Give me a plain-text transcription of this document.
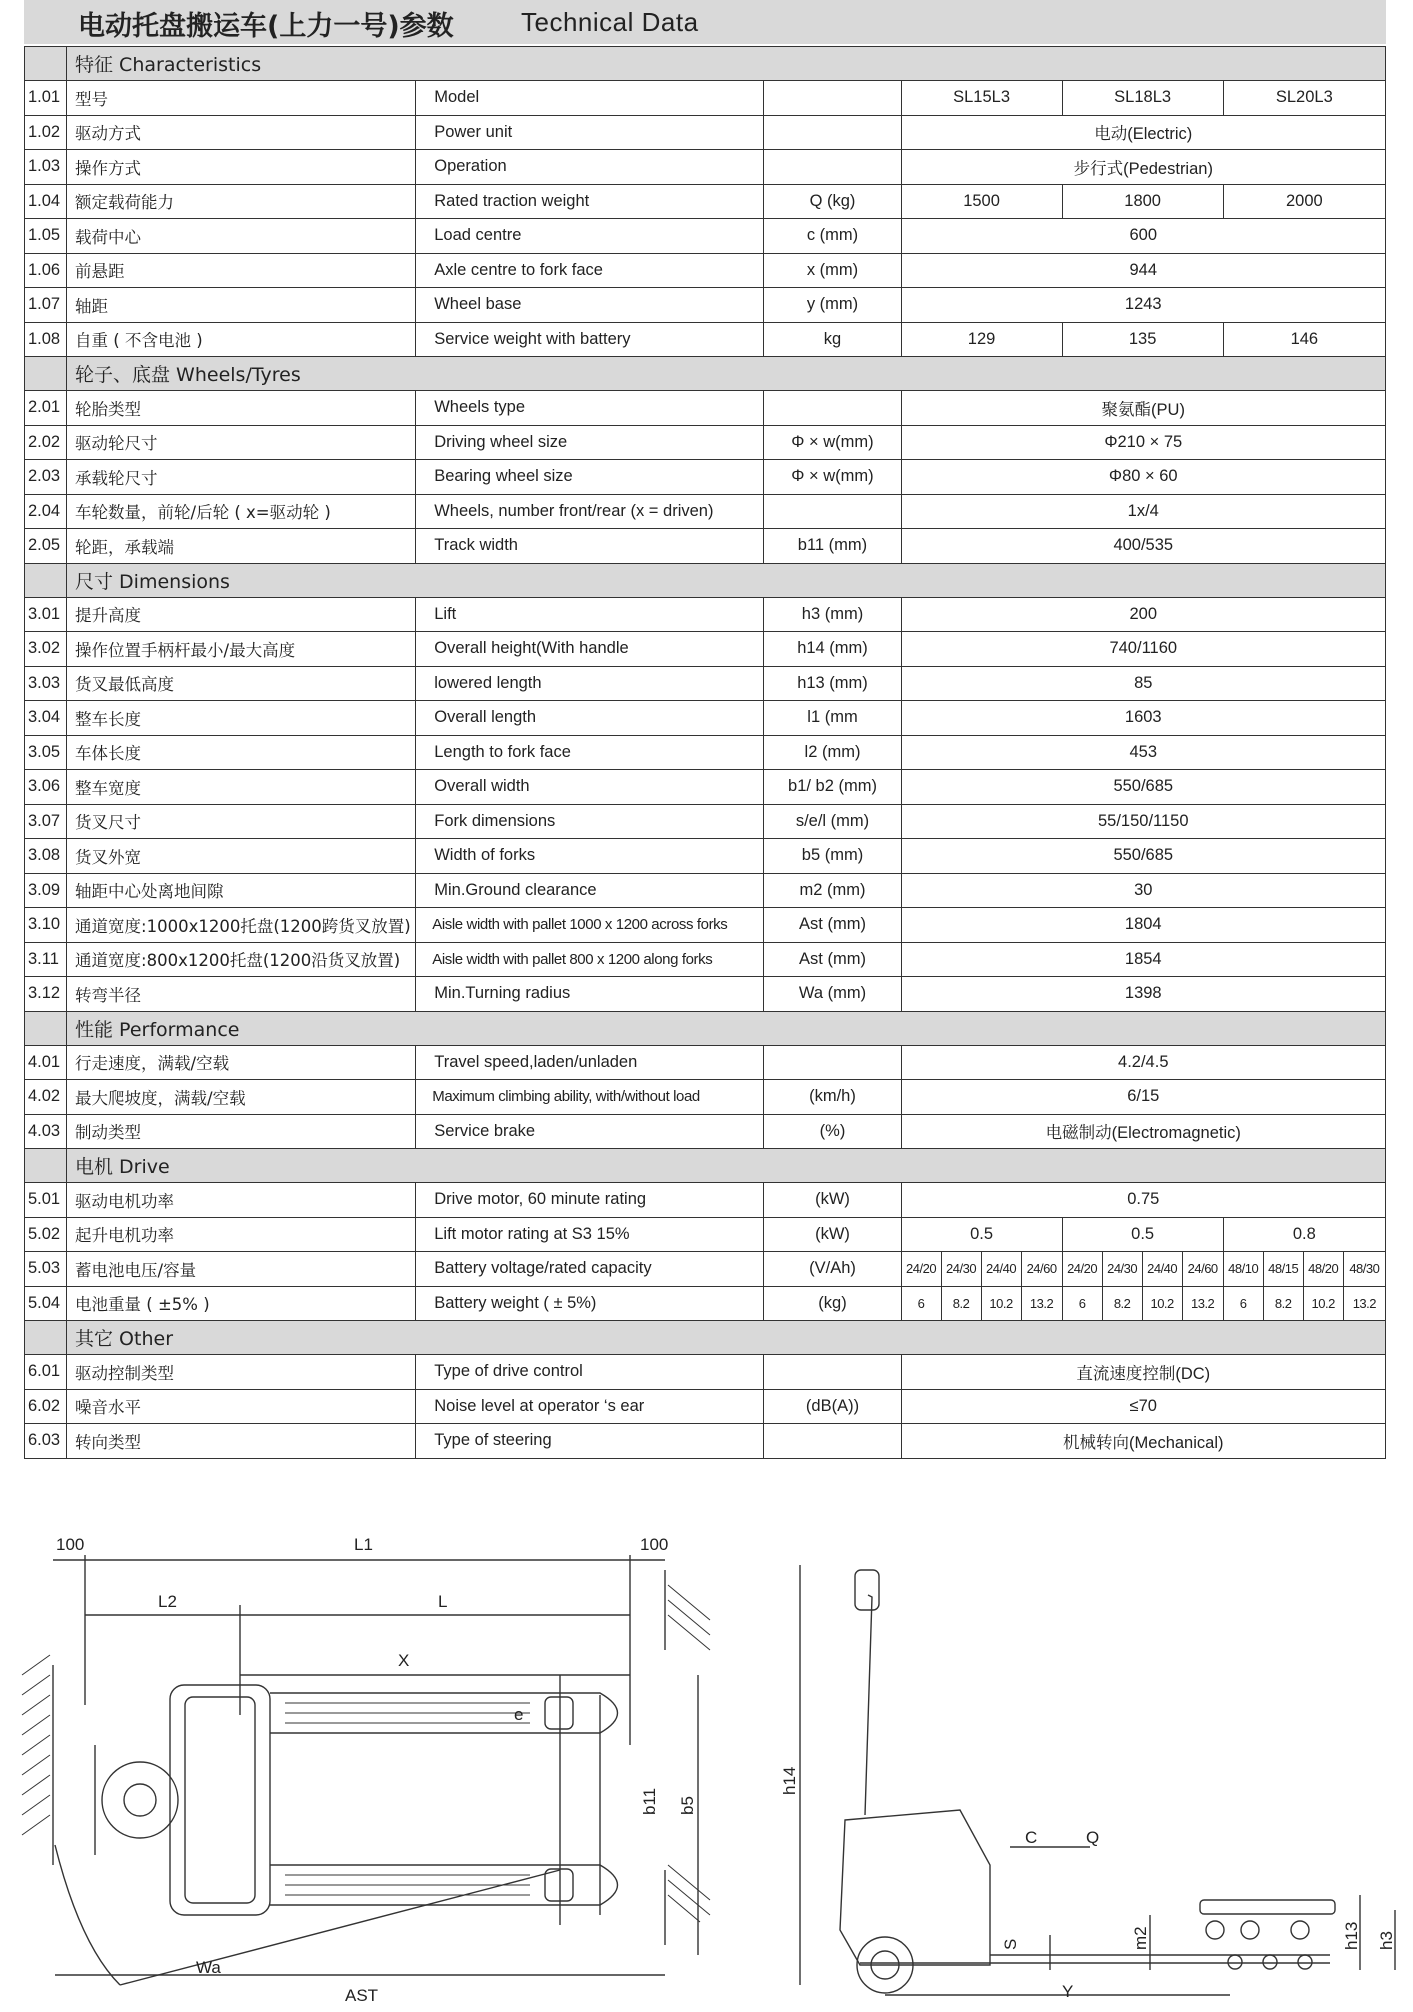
电动托盘搬运车(上力一号)参数	Technical Data
	特征 Characteristics														
1.01	型号	Model		SL15L3				SL18L3				SL20L3			
1.02	驱动方式	Power unit		电动(Electric)											
1.03	操作方式	Operation		步行式(Pedestrian)											
1.04	额定载荷能力	Rated traction weight	Q (kg)	1500				1800				2000			
1.05	载荷中心	Load centre	c (mm)	600											
1.06	前悬距	Axle centre to fork face	x (mm)	944											
1.07	轴距	Wheel base	y (mm)	1243											
1.08	自重 ( 不含电池 )	Service weight with battery	kg	129				135				146			
	轮子、底盘 Wheels/Tyres														
2.01	轮胎类型	Wheels type		聚氨酯(PU)											
2.02	驱动轮尺寸	Driving wheel size	Φ × w(mm)	Φ210 × 75											
2.03	承载轮尺寸	Bearing wheel size	Φ × w(mm)	Φ80 × 60											
2.04	车轮数量，前轮/后轮 ( x=驱动轮 )	Wheels, number front/rear (x = driven)		1x/4											
2.05	轮距，承载端	Track width	b11 (mm)	400/535											
	尺寸 Dimensions														
3.01	提升高度	Lift	h3 (mm)	200											
3.02	操作位置手柄杆最小/最大高度	Overall height(With handle	h14 (mm)	740/1160											
3.03	货叉最低高度	lowered length	h13 (mm)	85											
3.04	整车长度	Overall length	l1 (mm	1603											
3.05	车体长度	Length to fork face	l2 (mm)	453											
3.06	整车宽度	Overall width	b1/ b2 (mm)	550/685											
3.07	货叉尺寸	Fork dimensions	s/e/l (mm)	55/150/1150											
3.08	货叉外宽	Width of forks	b5 (mm)	550/685											
3.09	轴距中心处离地间隙	Min.Ground clearance	m2 (mm)	30											
3.10	通道宽度:1000x1200托盘(1200跨货叉放置)	Aisle width with pallet 1000 x 1200 across forks	Ast (mm)	1804											
3.11	通道宽度:800x1200托盘(1200沿货叉放置)	Aisle width with pallet 800 x 1200 along forks	Ast (mm)	1854											
3.12	转弯半径	Min.Turning radius	Wa (mm)	1398											
	性能 Performance														
4.01	行走速度，满载/空载	Travel speed,laden/unladen		4.2/4.5											
4.02	最大爬坡度，满载/空载	Maximum climbing ability, with/without load	(km/h)	6/15											
4.03	制动类型	Service brake	(%)	电磁制动(Electromagnetic)											
	电机 Drive														
5.01	驱动电机功率	Drive motor, 60 minute rating	(kW)	0.75											
5.02	起升电机功率	Lift motor rating at S3 15%	(kW)	0.5				0.5				0.8			
5.03	蓄电池电压/容量	Battery voltage/rated capacity	(V/Ah)	24/20	24/30	24/40	24/60	24/20	24/30	24/40	24/60	48/10	48/15	48/20	48/30
5.04	电池重量 ( ±5% )	Battery weight ( ± 5%)	(kg)	6	8.2	10.2	13.2	6	8.2	10.2	13.2	6	8.2	10.2	13.2
	其它 Other														
6.01	驱动控制类型	Type of drive control		直流速度控制(DC)											
6.02	噪音水平	Noise level at operator ‘s ear	(dB(A))	≤70											
6.03	转向类型	Type of steering		机械转向(Mechanical)											
100	L1	100
L2	L
X
e
b11 b5
Wa
AST
h14
C	Q
S	m2	h13 h3
Y
